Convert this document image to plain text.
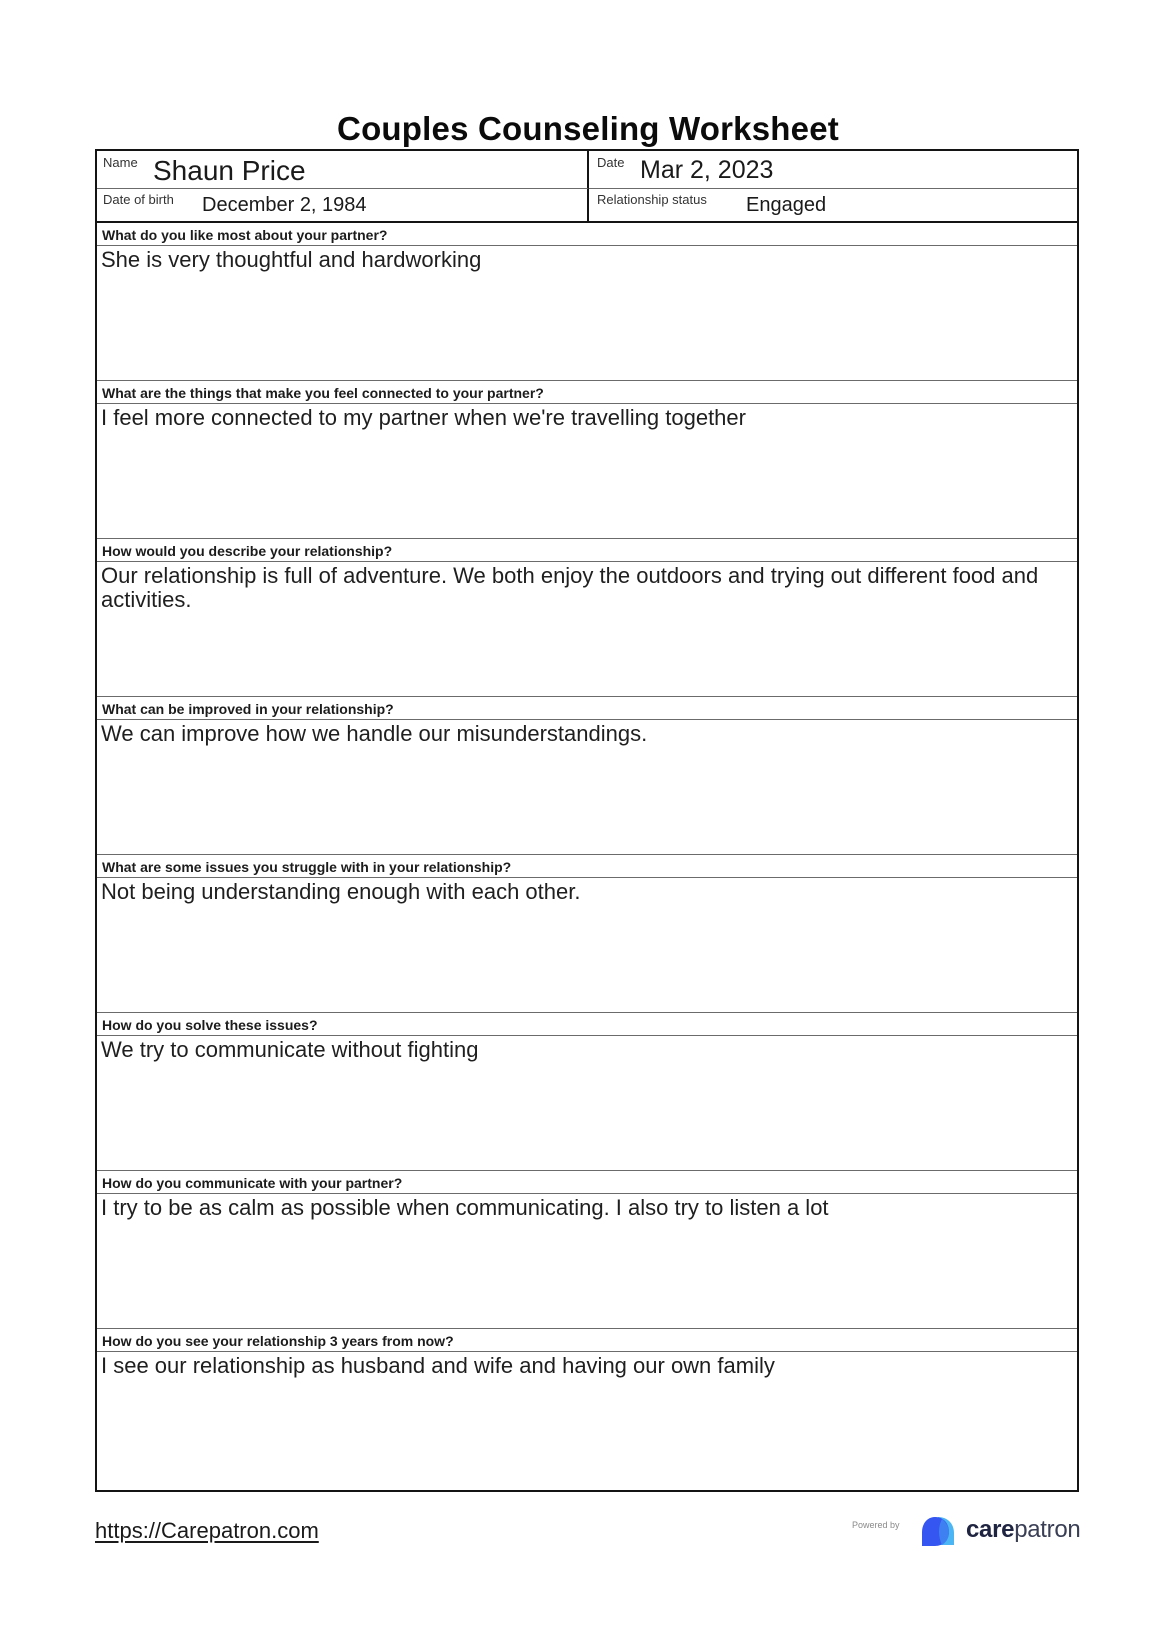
Couples Counseling Worksheet
Name Shaun Price	Date Mar 2, 2023
Date of birth December 2, 1984	Relationship status Engaged
What do you like most about your partner?
She is very thoughtful and hardworking
What are the things that make you feel connected to your partner?
I feel more connected to my partner when we're travelling together
How would you describe your relationship?
Our relationship is full of adventure. We both enjoy the outdoors and trying out different food and activities.
What can be improved in your relationship?
We can improve how we handle our misunderstandings.
What are some issues you struggle with in your relationship?
Not being understanding enough with each other.
How do you solve these issues?
We try to communicate without fighting
How do you communicate with your partner?
I try to be as calm as possible when communicating. I also try to listen a lot
How do you see your relationship 3 years from now?
I see our relationship as husband and wife and having our own family
https://Carepatron.com	Powered by	carepatron
